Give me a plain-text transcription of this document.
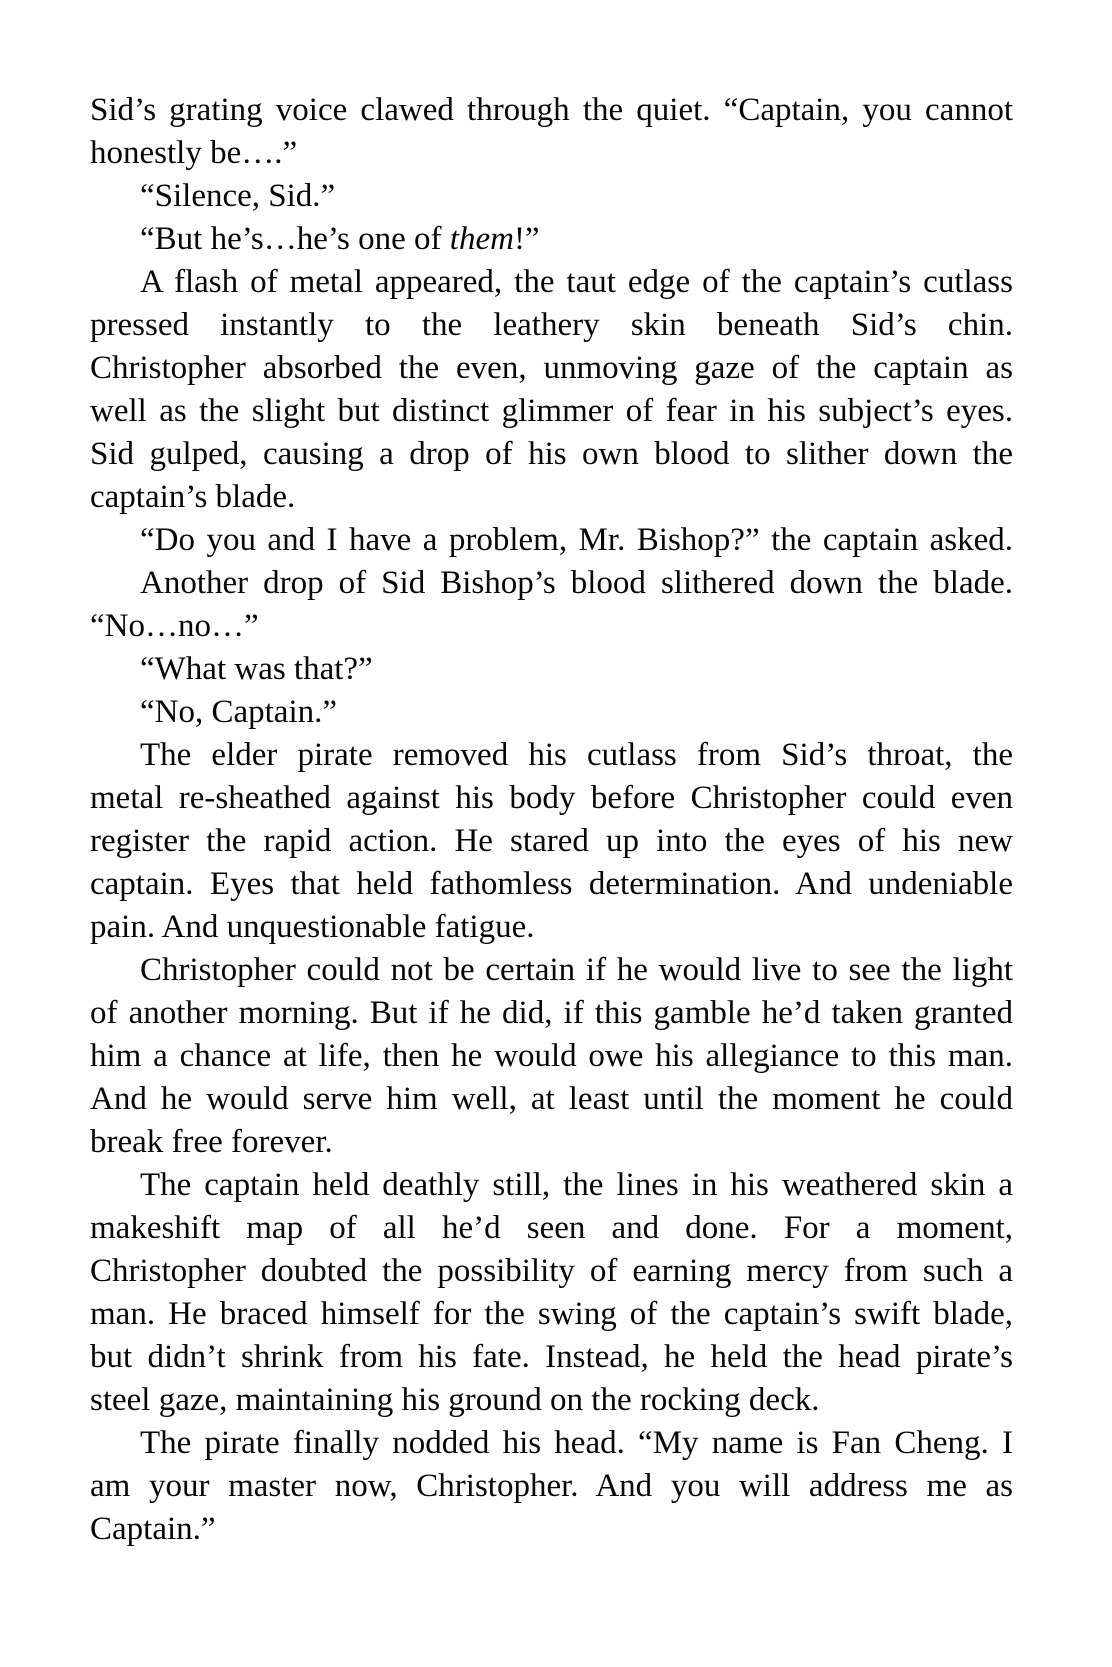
Sid’s grating voice clawed through the quiet. “Captain, you cannot
honestly be….”
“Silence, Sid.”
“But he’s…he’s one of them!”
A flash of metal appeared, the taut edge of the captain’s cutlass
pressed instantly to the leathery skin beneath Sid’s chin.
Christopher absorbed the even, unmoving gaze of the captain as
well as the slight but distinct glimmer of fear in his subject’s eyes.
Sid gulped, causing a drop of his own blood to slither down the
captain’s blade.
“Do you and I have a problem, Mr. Bishop?” the captain asked.
Another drop of Sid Bishop’s blood slithered down the blade.
“No…no…”
“What was that?”
“No, Captain.”
The elder pirate removed his cutlass from Sid’s throat, the
metal re-sheathed against his body before Christopher could even
register the rapid action. He stared up into the eyes of his new
captain. Eyes that held fathomless determination. And undeniable
pain. And unquestionable fatigue.
Christopher could not be certain if he would live to see the light
of another morning. But if he did, if this gamble he’d taken granted
him a chance at life, then he would owe his allegiance to this man.
And he would serve him well, at least until the moment he could
break free forever.
The captain held deathly still, the lines in his weathered skin a
makeshift map of all he’d seen and done. For a moment,
Christopher doubted the possibility of earning mercy from such a
man. He braced himself for the swing of the captain’s swift blade,
but didn’t shrink from his fate. Instead, he held the head pirate’s
steel gaze, maintaining his ground on the rocking deck.
The pirate finally nodded his head. “My name is Fan Cheng. I
am your master now, Christopher. And you will address me as
Captain.”
